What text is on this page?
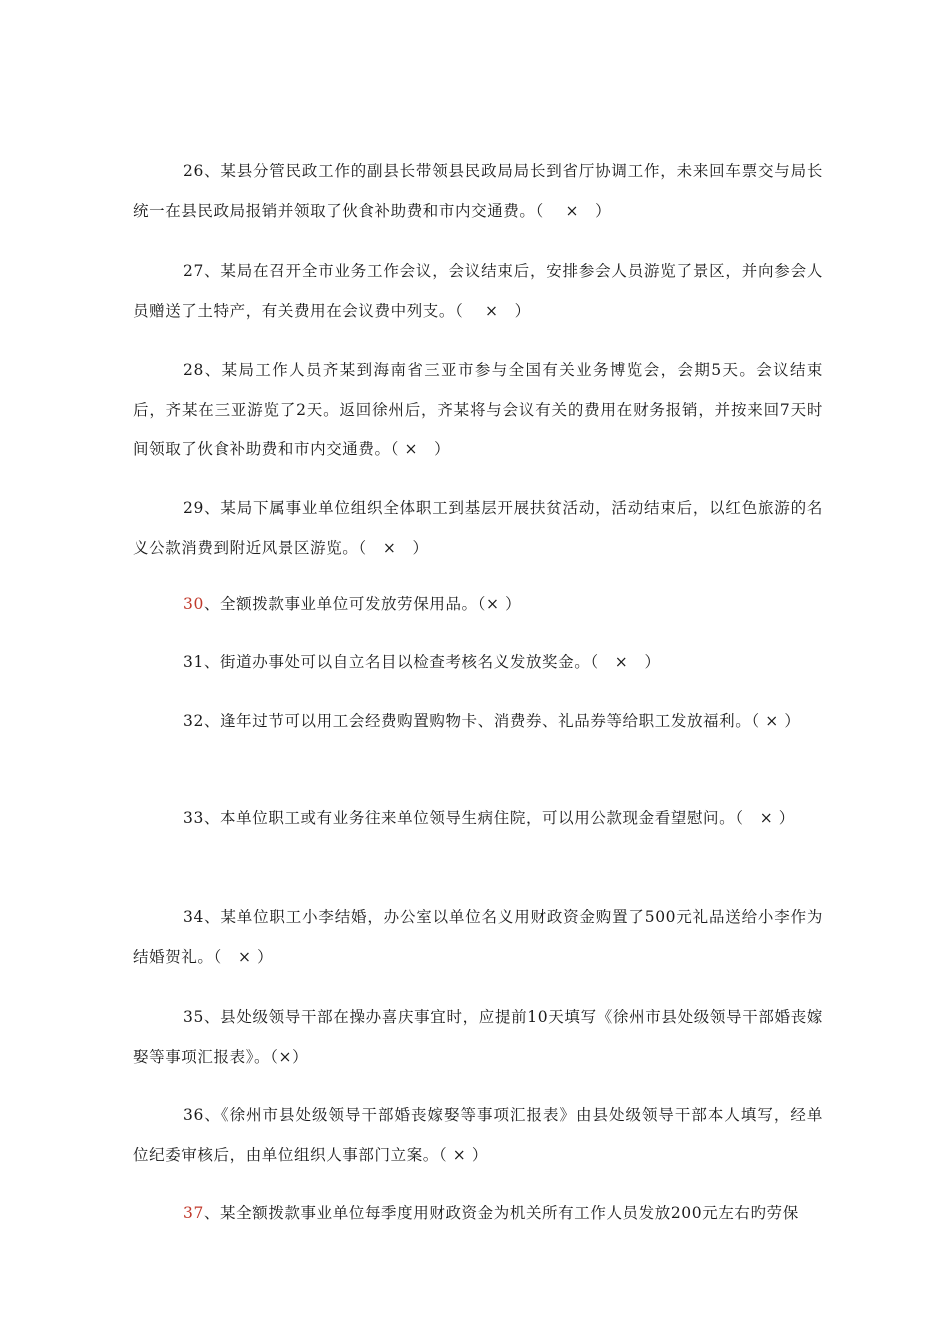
26、某县分管民政工作的副县长带领县民政局局长到省厅协调工作，未来回车票交与局长统一在县民政局报销并领取了伙食补助费和市内交通费。（　 ×　）

27、某局在召开全市业务工作会议，会议结束后，安排参会人员游览了景区，并向参会人员赠送了土特产，有关费用在会议费中列支。（　 ×　）

28、某局工作人员齐某到海南省三亚市参与全国有关业务博览会，会期5天。会议结束后，齐某在三亚游览了2天。返回徐州后，齐某将与会议有关的费用在财务报销，并按来回7天时间领取了伙食补助费和市内交通费。（ ×　）

29、某局下属事业单位组织全体职工到基层开展扶贫活动，活动结束后，以红色旅游的名义公款消费到附近风景区游览。（　×　）

30、全额拨款事业单位可发放劳保用品。（× ）

31、街道办事处可以自立名目以检查考核名义发放奖金。（　×　）

32、逢年过节可以用工会经费购置购物卡、消费券、礼品券等给职工发放福利。（ × ）

33、本单位职工或有业务往来单位领导生病住院，可以用公款现金看望慰问。（　× ）

34、某单位职工小李结婚，办公室以单位名义用财政资金购置了500元礼品送给小李作为结婚贺礼。（　× ）

35、县处级领导干部在操办喜庆事宜时，应提前10天填写《徐州市县处级领导干部婚丧嫁娶等事项汇报表》。（×）

36、《徐州市县处级领导干部婚丧嫁娶等事项汇报表》由县处级领导干部本人填写，经单位纪委审核后，由单位组织人事部门立案。（ × ）

37、某全额拨款事业单位每季度用财政资金为机关所有工作人员发放200元左右旳劳保
